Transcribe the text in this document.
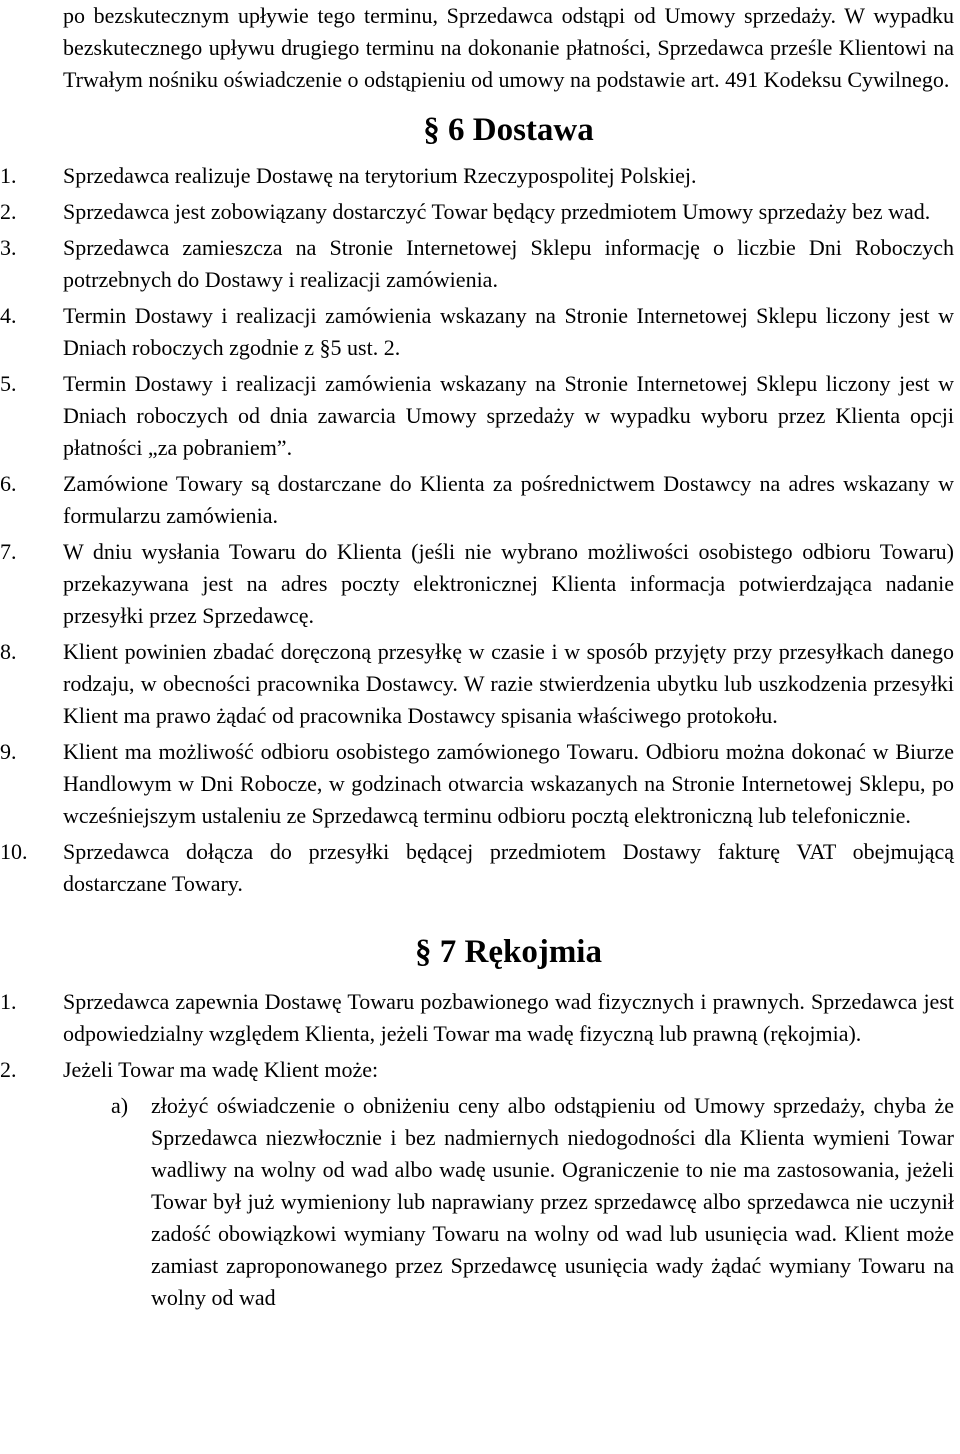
po bezskutecznym upływie tego terminu, Sprzedawca odstąpi od Umowy sprzedaży. W wypadku bezskutecznego upływu drugiego terminu na dokonanie płatności, Sprzedawca prześle Klientowi na Trwałym nośniku oświadczenie o odstąpieniu od umowy na podstawie art. 491 Kodeksu Cywilnego.

§ 6 Dostawa
1.	Sprzedawca realizuje Dostawę na terytorium Rzeczypospolitej Polskiej.
2.	Sprzedawca jest zobowiązany dostarczyć Towar będący przedmiotem Umowy sprzedaży bez wad.
3.	Sprzedawca zamieszcza na Stronie Internetowej Sklepu informację o liczbie Dni Roboczych potrzebnych do Dostawy i realizacji zamówienia.
4.	Termin Dostawy i realizacji zamówienia wskazany na Stronie Internetowej Sklepu liczony jest w Dniach roboczych zgodnie z §5 ust. 2.
5.	Termin Dostawy i realizacji zamówienia wskazany na Stronie Internetowej Sklepu liczony jest w Dniach roboczych od dnia zawarcia Umowy sprzedaży w wypadku wyboru przez Klienta opcji płatności „za pobraniem”.
6.	Zamówione Towary są dostarczane do Klienta za pośrednictwem Dostawcy na adres wskazany w formularzu zamówienia.
7.	W dniu wysłania Towaru do Klienta (jeśli nie wybrano możliwości osobistego odbioru Towaru) przekazywana jest na adres poczty elektronicznej Klienta informacja potwierdzająca nadanie przesyłki przez Sprzedawcę.
8.	Klient powinien zbadać doręczoną przesyłkę w czasie i w sposób przyjęty przy przesyłkach danego rodzaju, w obecności pracownika Dostawcy. W razie stwierdzenia ubytku lub uszkodzenia przesyłki Klient ma prawo żądać od pracownika Dostawcy spisania właściwego protokołu.
9.	Klient ma możliwość odbioru osobistego zamówionego Towaru. Odbioru można dokonać w Biurze Handlowym w Dni Robocze, w godzinach otwarcia wskazanych na Stronie Internetowej Sklepu, po wcześniejszym ustaleniu ze Sprzedawcą terminu odbioru pocztą elektroniczną lub telefonicznie.
10.	Sprzedawca dołącza do przesyłki będącej przedmiotem Dostawy fakturę VAT obejmującą dostarczane Towary.
§ 7 Rękojmia
1.	Sprzedawca zapewnia Dostawę Towaru pozbawionego wad fizycznych i prawnych. Sprzedawca jest odpowiedzialny względem Klienta, jeżeli Towar ma wadę fizyczną lub prawną (rękojmia).
2.	Jeżeli Towar ma wadę Klient może:
a) złożyć oświadczenie o obniżeniu ceny albo odstąpieniu od Umowy sprzedaży, chyba że Sprzedawca niezwłocznie i bez nadmiernych niedogodności dla Klienta wymieni Towar wadliwy na wolny od wad albo wadę usunie. Ograniczenie to nie ma zastosowania, jeżeli Towar był już wymieniony lub naprawiany przez sprzedawcę albo sprzedawca nie uczynił zadość obowiązkowi wymiany Towaru na wolny od wad lub usunięcia wad. Klient może zamiast zaproponowanego przez Sprzedawcę usunięcia wady żądać wymiany Towaru na wolny od wad
